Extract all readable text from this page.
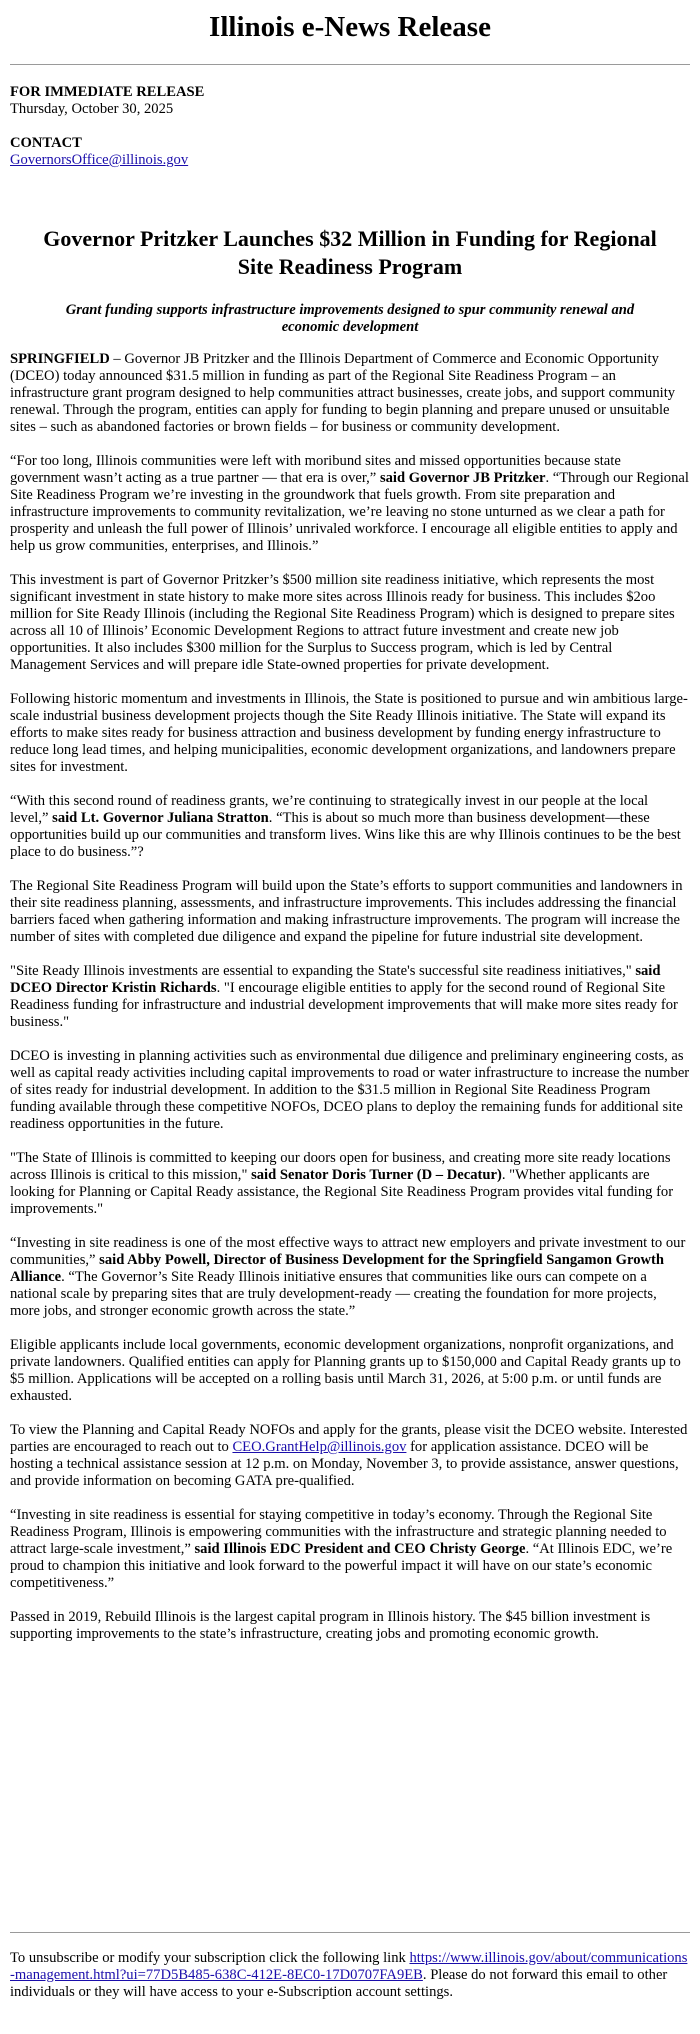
Illinois e-News Release
FOR IMMEDIATE RELEASE
Thursday, October 30, 2025
CONTACT
GovernorsOffice@illinois.gov
Governor Pritzker Launches $32 Million in Funding for Regional Site Readiness Program
Grant funding supports infrastructure improvements designed to spur community renewal and economic development

SPRINGFIELD – Governor JB Pritzker and the Illinois Department of Commerce and Economic Opportunity (DCEO) today announced $31.5 million in funding as part of the Regional Site Readiness Program – an infrastructure grant program designed to help communities attract businesses, create jobs, and support community renewal. Through the program, entities can apply for funding to begin planning and prepare unused or unsuitable sites – such as abandoned factories or brown fields – for business or community development.

“For too long, Illinois communities were left with moribund sites and missed opportunities because state government wasn’t acting as a true partner — that era is over,” said Governor JB Pritzker. “Through our Regional Site Readiness Program we’re investing in the groundwork that fuels growth. From site preparation and infrastructure improvements to community revitalization, we’re leaving no stone unturned as we clear a path for prosperity and unleash the full power of Illinois’ unrivaled workforce. I encourage all eligible entities to apply and help us grow communities, enterprises, and Illinois.”

This investment is part of Governor Pritzker’s $500 million site readiness initiative, which represents the most significant investment in state history to make more sites across Illinois ready for business. This includes $2oo million for Site Ready Illinois (including the Regional Site Readiness Program) which is designed to prepare sites across all 10 of Illinois’ Economic Development Regions to attract future investment and create new job opportunities. It also includes $300 million for the Surplus to Success program, which is led by Central Management Services and will prepare idle State-owned properties for private development.

Following historic momentum and investments in Illinois, the State is positioned to pursue and win ambitious large-scale industrial business development projects though the Site Ready Illinois initiative. The State will expand its efforts to make sites ready for business attraction and business development by funding energy infrastructure to reduce long lead times, and helping municipalities, economic development organizations, and landowners prepare sites for investment.

“With this second round of readiness grants, we’re continuing to strategically invest in our people at the local level,” said Lt. Governor Juliana Stratton. “This is about so much more than business development—these opportunities build up our communities and transform lives. Wins like this are why Illinois continues to be the best place to do business.”?

The Regional Site Readiness Program will build upon the State’s efforts to support communities and landowners in their site readiness planning, assessments, and infrastructure improvements. This includes addressing the financial barriers faced when gathering information and making infrastructure improvements. The program will increase the number of sites with completed due diligence and expand the pipeline for future industrial site development.

"Site Ready Illinois investments are essential to expanding the State's successful site readiness initiatives," said DCEO Director Kristin Richards. "I encourage eligible entities to apply for the second round of Regional Site Readiness funding for infrastructure and industrial development improvements that will make more sites ready for business."

DCEO is investing in planning activities such as environmental due diligence and preliminary engineering costs, as well as capital ready activities including capital improvements to road or water infrastructure to increase the number of sites ready for industrial development. In addition to the $31.5 million in Regional Site Readiness Program funding available through these competitive NOFOs, DCEO plans to deploy the remaining funds for additional site readiness opportunities in the future.

"The State of Illinois is committed to keeping our doors open for business, and creating more site ready locations across Illinois is critical to this mission," said Senator Doris Turner (D – Decatur). "Whether applicants are looking for Planning or Capital Ready assistance, the Regional Site Readiness Program provides vital funding for improvements."

“Investing in site readiness is one of the most effective ways to attract new employers and private investment to our communities,” said Abby Powell, Director of Business Development for the Springfield Sangamon Growth Alliance. “The Governor’s Site Ready Illinois initiative ensures that communities like ours can compete on a national scale by preparing sites that are truly development-ready — creating the foundation for more projects, more jobs, and stronger economic growth across the state.”

Eligible applicants include local governments, economic development organizations, nonprofit organizations, and private landowners. Qualified entities can apply for Planning grants up to $150,000 and Capital Ready grants up to $5 million. Applications will be accepted on a rolling basis until March 31, 2026, at 5:00 p.m. or until funds are exhausted.

To view the Planning and Capital Ready NOFOs and apply for the grants, please visit the DCEO website. Interested parties are encouraged to reach out to CEO.GrantHelp@illinois.gov for application assistance. DCEO will be hosting a technical assistance session at 12 p.m. on Monday, November 3, to provide assistance, answer questions, and provide information on becoming GATA pre-qualified.

“Investing in site readiness is essential for staying competitive in today’s economy. Through the Regional Site Readiness Program, Illinois is empowering communities with the infrastructure and strategic planning needed to attract large-scale investment,” said Illinois EDC President and CEO Christy George. “At Illinois EDC, we’re proud to champion this initiative and look forward to the powerful impact it will have on our state’s economic competitiveness.”

Passed in 2019, Rebuild Illinois is the largest capital program in Illinois history. The $45 billion investment is supporting improvements to the state’s infrastructure, creating jobs and promoting economic growth.

To unsubscribe or modify your subscription click the following link https://www.illinois.gov/about/communications-management.html?ui=77D5B485-638C-412E-8EC0-17D0707FA9EB. Please do not forward this email to other individuals or they will have access to your e-Subscription account settings.
